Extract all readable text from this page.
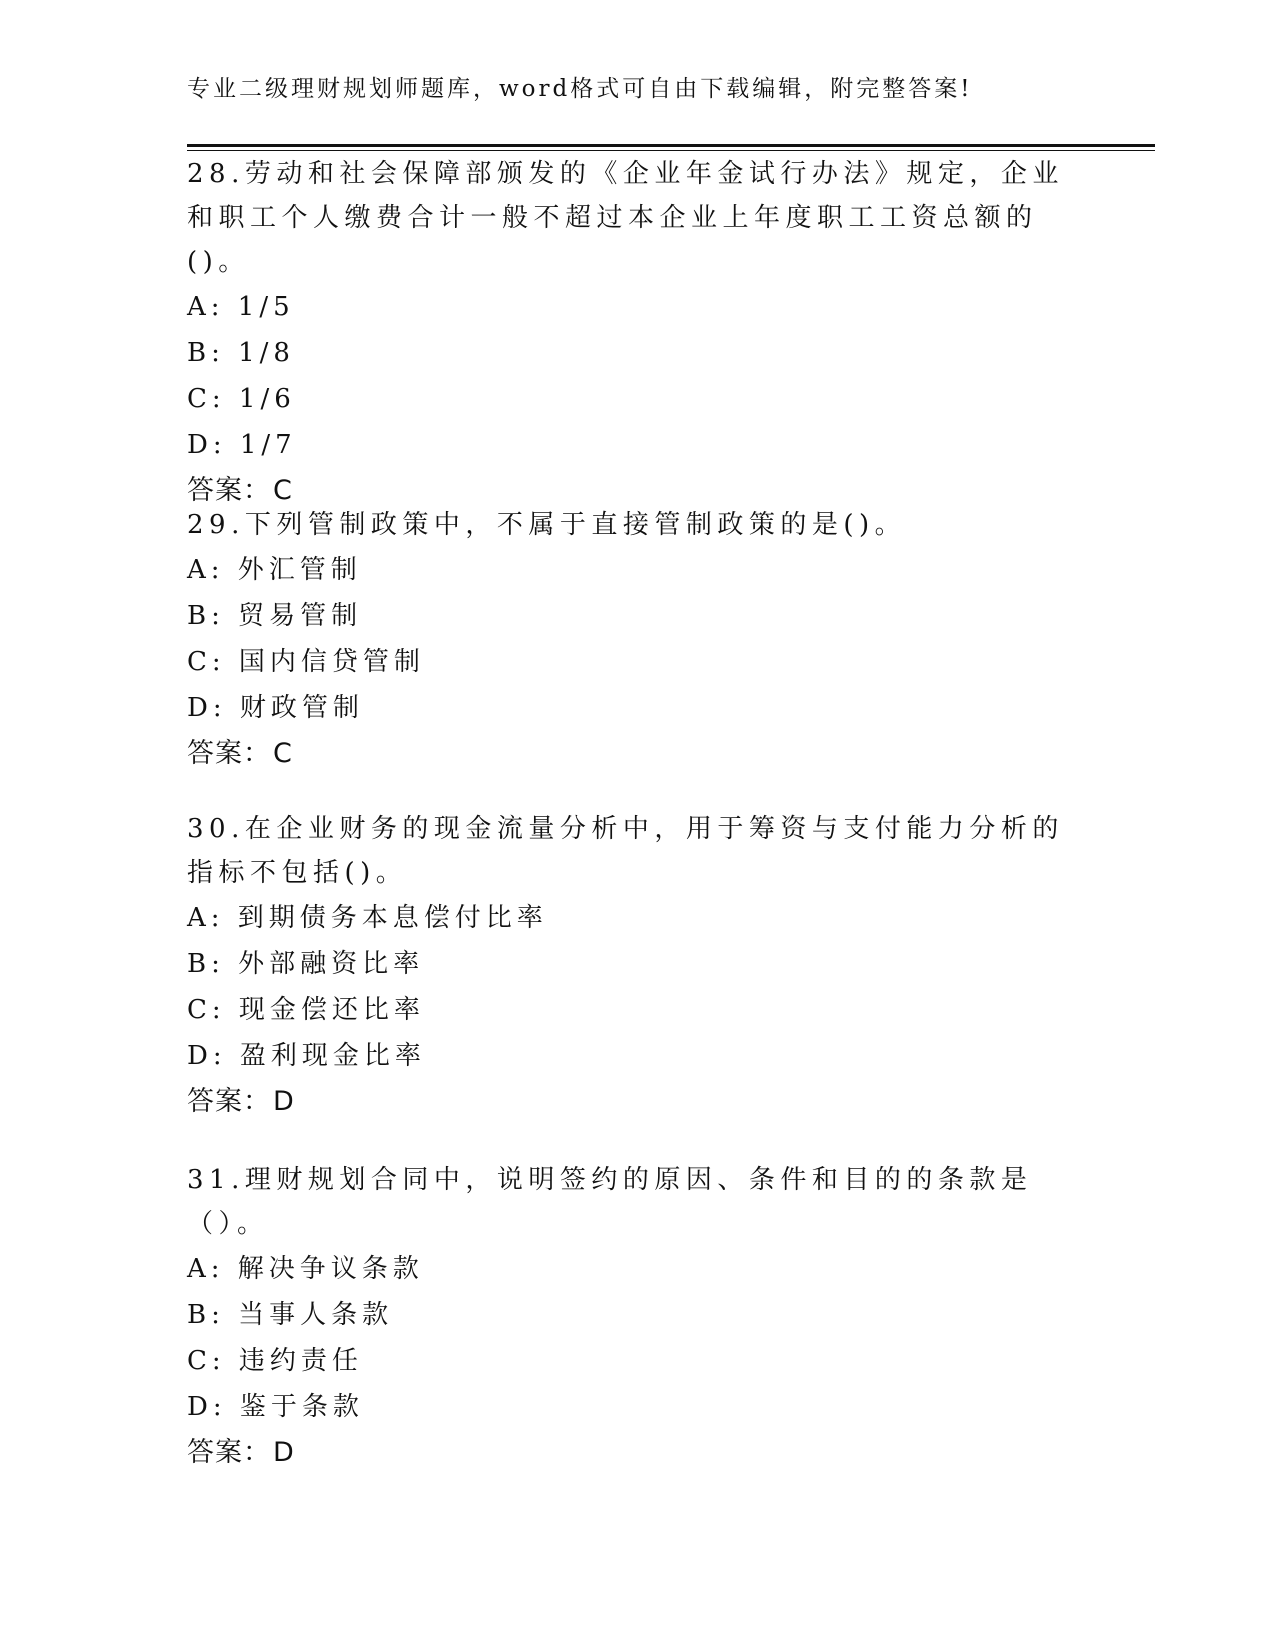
专业二级理财规划师题库，word格式可自由下载编辑，附完整答案!

28.劳动和社会保障部颁发的《企业年金试行办法》规定，企业和职工个人缴费合计一般不超过本企业上年度职工工资总额的()。

A: 1/5

B: 1/8

C: 1/6

D: 1/7

答案：C

29.下列管制政策中，不属于直接管制政策的是()。

A: 外汇管制

B: 贸易管制

C: 国内信贷管制

D: 财政管制

答案：C

30.在企业财务的现金流量分析中，用于筹资与支付能力分析的指标不包括()。

A: 到期债务本息偿付比率

B: 外部融资比率

C: 现金偿还比率

D: 盈利现金比率

答案：D

31.理财规划合同中，说明签约的原因、条件和目的的条款是（）。

A: 解决争议条款

B: 当事人条款

C: 违约责任

D: 鉴于条款

答案：D
